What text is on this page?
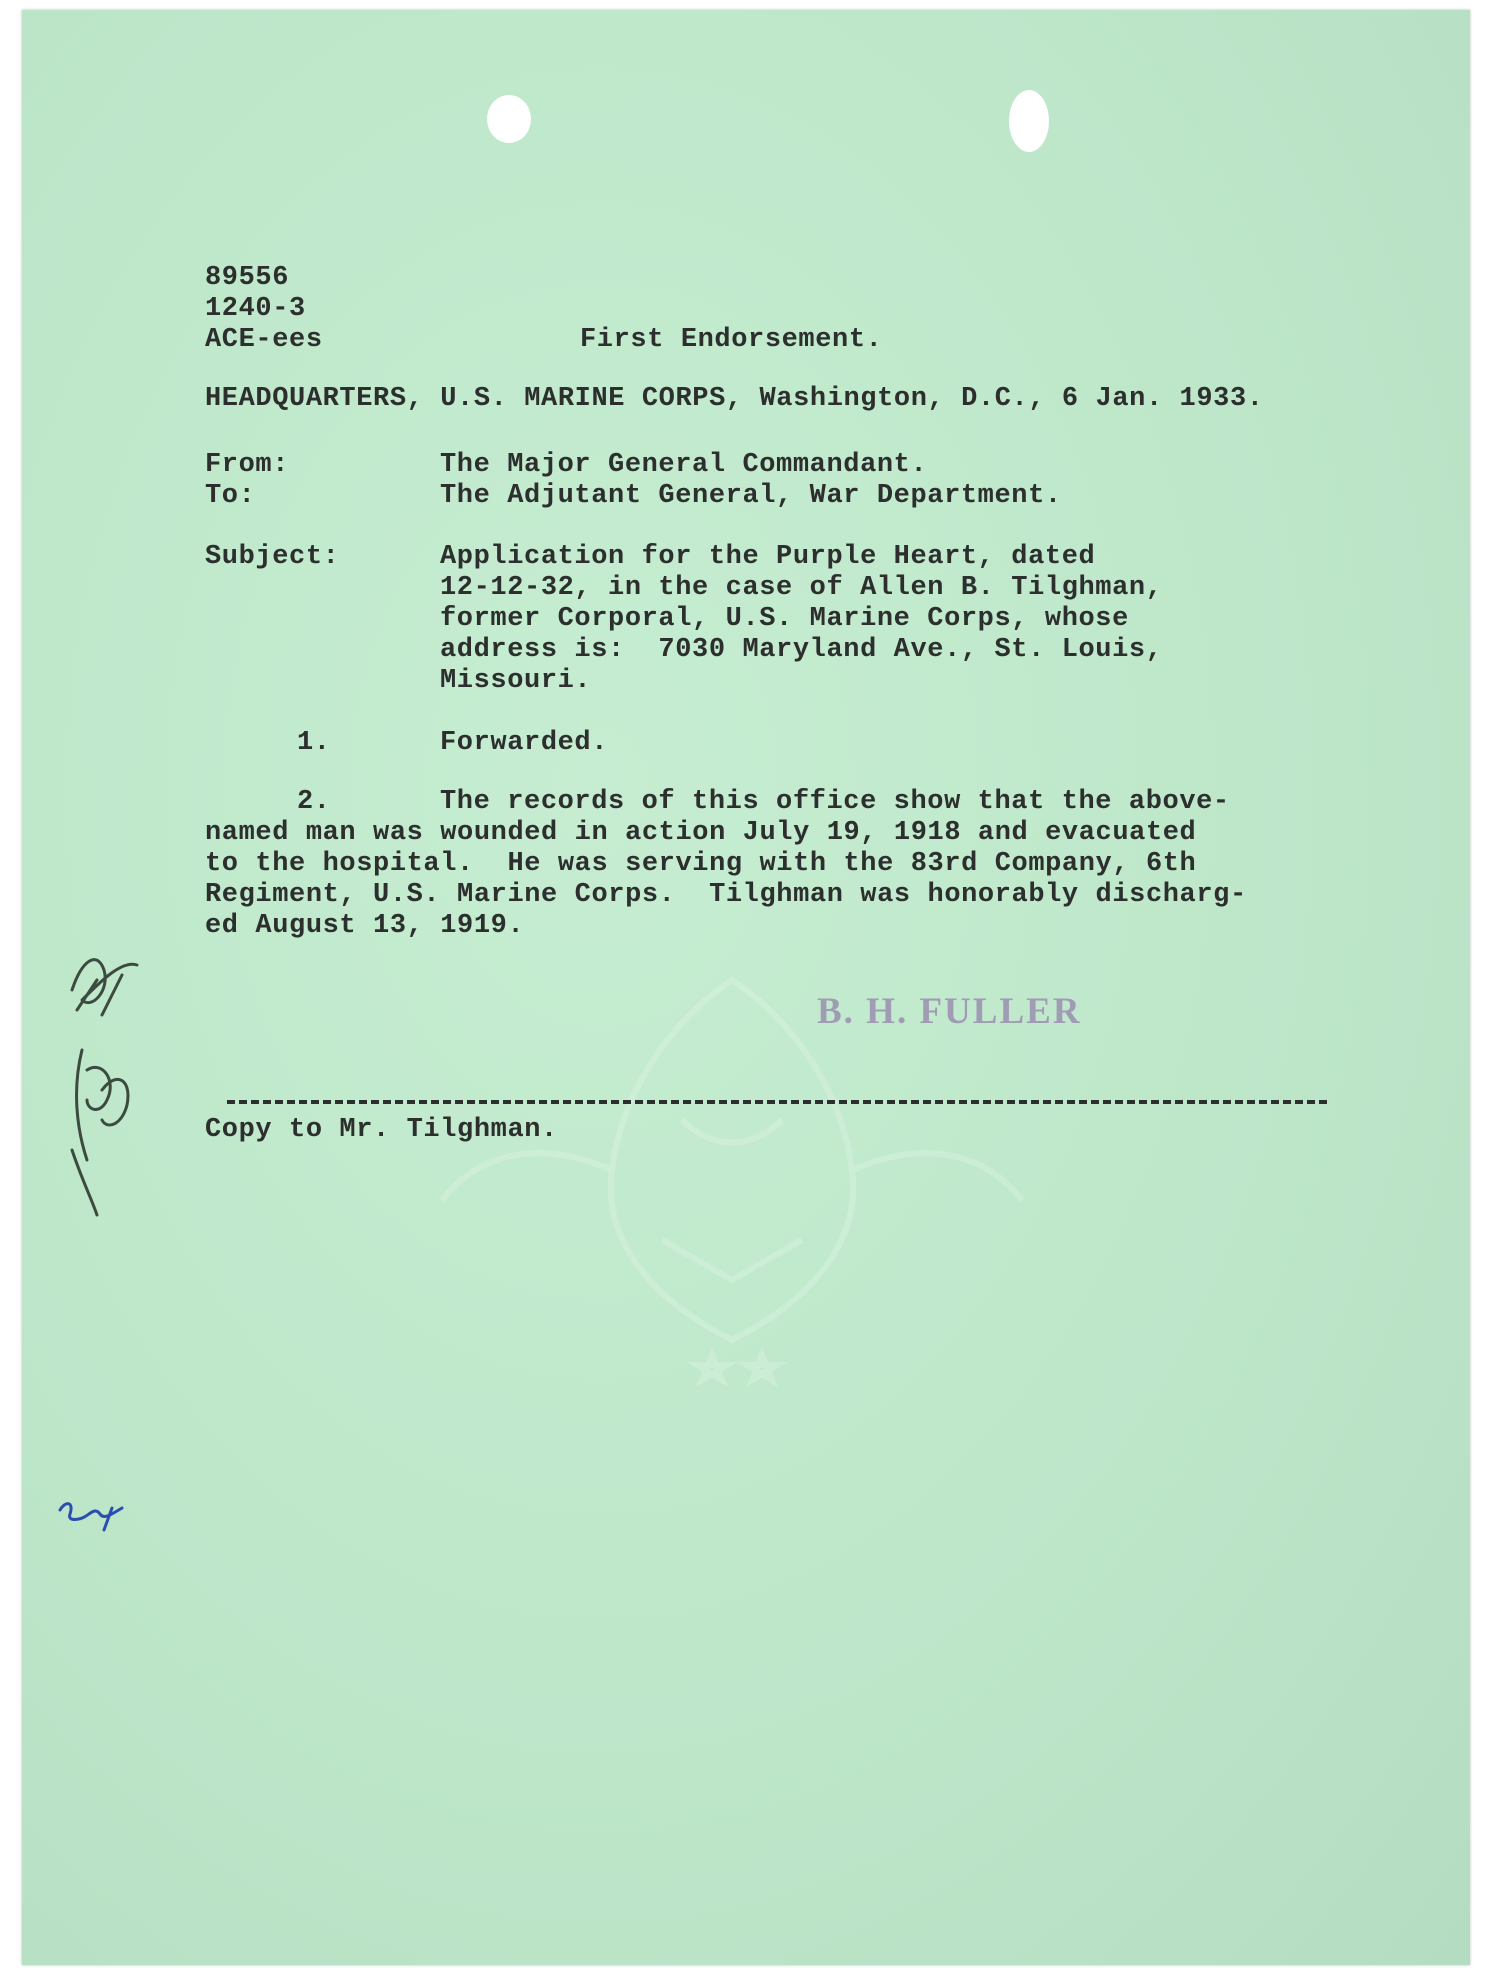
89556
1240-3
ACE-ees	First Endorsement.
HEADQUARTERS, U.S. MARINE CORPS, Washington, D.C., 6 Jan. 1933.
From:	The Major General Commandant.
To:	The Adjutant General, War Department.
Subject:	Application for the Purple Heart, dated
12-12-32, in the case of Allen B. Tilghman,
former Corporal, U.S. Marine Corps, whose
address is:  7030 Maryland Ave., St. Louis,
Missouri.
1.	Forwarded.
2.	The records of this office show that the above-
named man was wounded in action July 19, 1918 and evacuated
to the hospital.  He was serving with the 83rd Company, 6th
Regiment, U.S. Marine Corps.  Tilghman was honorably discharg-
ed August 13, 1919.
B. H. FULLER
Copy to Mr. Tilghman.
